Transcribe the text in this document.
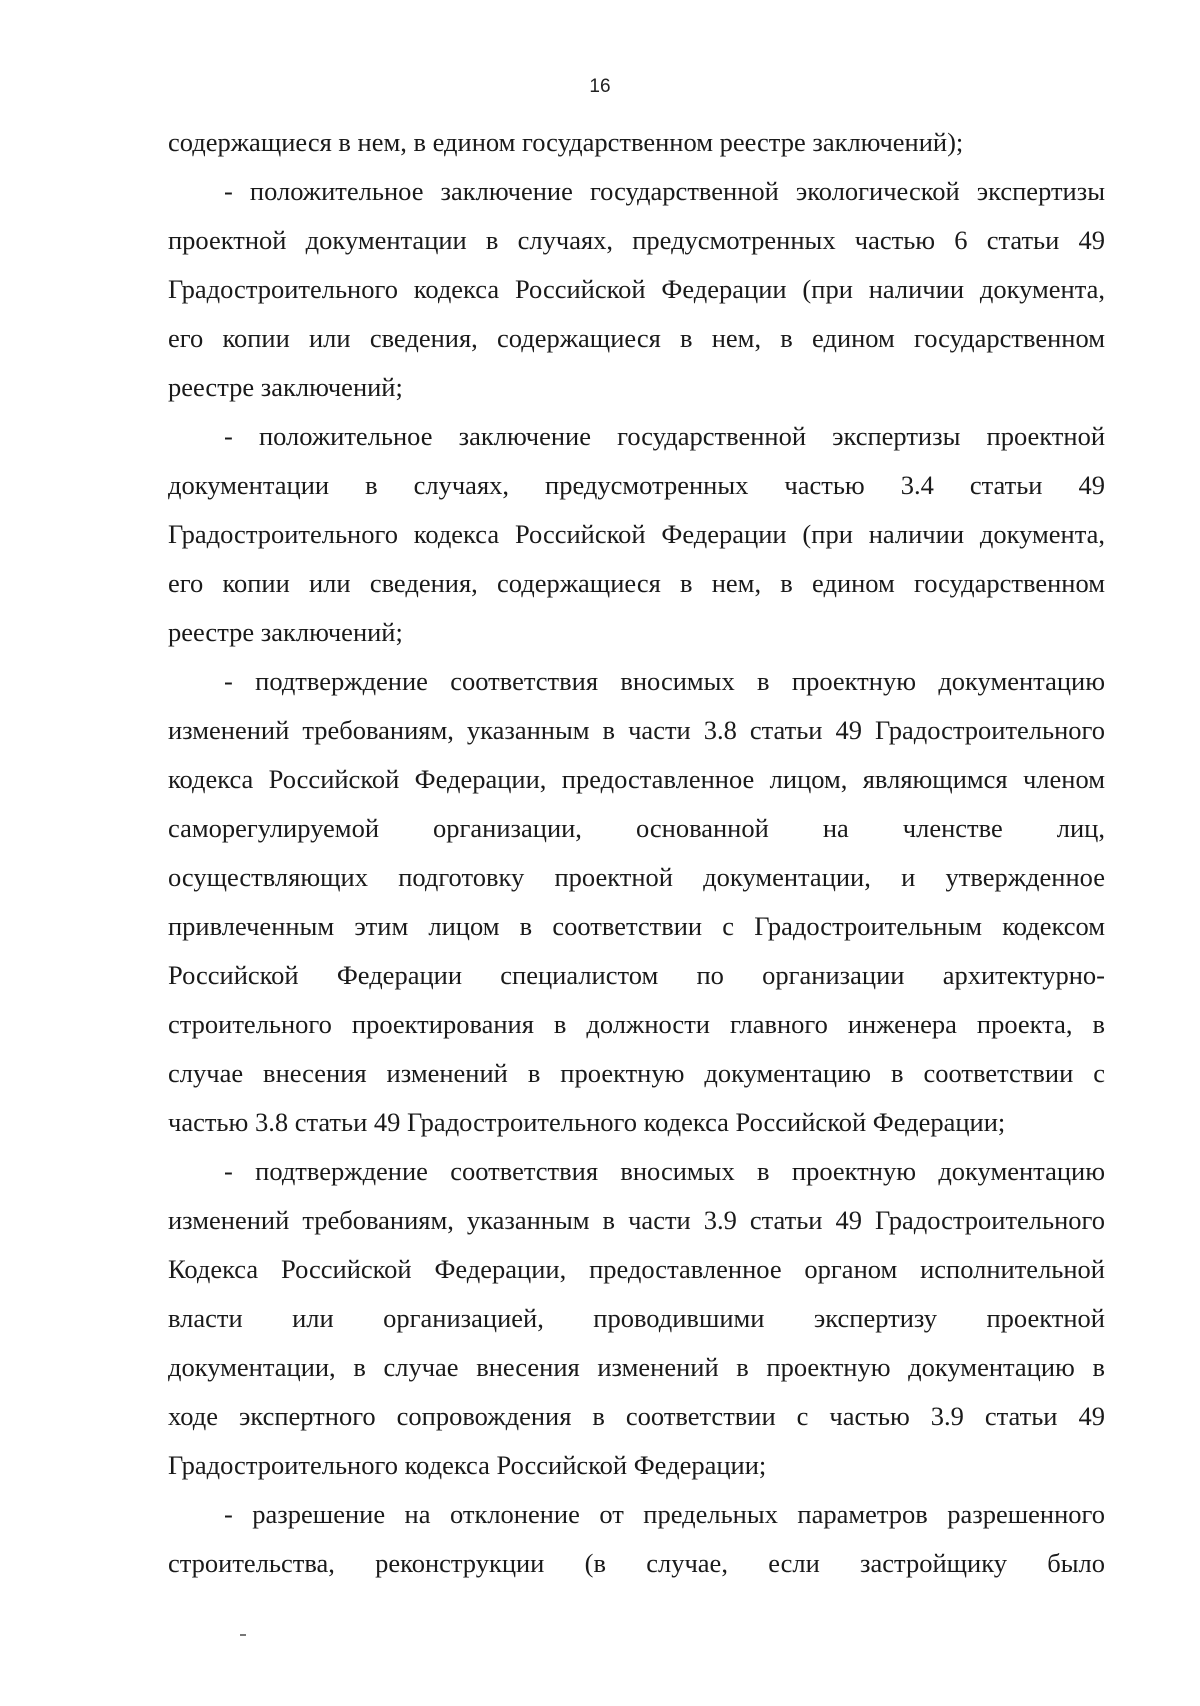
16
содержащиеся в нем, в едином государственном реестре заключений);
- положительное заключение государственной экологической экспертизы
проектной документации в случаях, предусмотренных частью 6 статьи 49
Градостроительного кодекса Российской Федерации (при наличии документа,
его копии или сведения, содержащиеся в нем, в едином государственном
реестре заключений;
- положительное заключение государственной экспертизы проектной
документации в случаях, предусмотренных частью 3.4 статьи 49
Градостроительного кодекса Российской Федерации (при наличии документа,
его копии или сведения, содержащиеся в нем, в едином государственном
реестре заключений;
- подтверждение соответствия вносимых в проектную документацию
изменений требованиям, указанным в части 3.8 статьи 49 Градостроительного
кодекса Российской Федерации, предоставленное лицом, являющимся членом
саморегулируемой организации, основанной на членстве лиц,
осуществляющих подготовку проектной документации, и утвержденное
привлеченным этим лицом в соответствии с Градостроительным кодексом
Российской Федерации специалистом по организации архитектурно-
строительного проектирования в должности главного инженера проекта, в
случае внесения изменений в проектную документацию в соответствии с
частью 3.8 статьи 49 Градостроительного кодекса Российской Федерации;
- подтверждение соответствия вносимых в проектную документацию
изменений требованиям, указанным в части 3.9 статьи 49 Градостроительного
Кодекса Российской Федерации, предоставленное органом исполнительной
власти или организацией, проводившими экспертизу проектной
документации, в случае внесения изменений в проектную документацию в
ходе экспертного сопровождения в соответствии с частью 3.9 статьи 49
Градостроительного кодекса Российской Федерации;
- разрешение на отклонение от предельных параметров разрешенного
строительства, реконструкции (в случае, если застройщику было
